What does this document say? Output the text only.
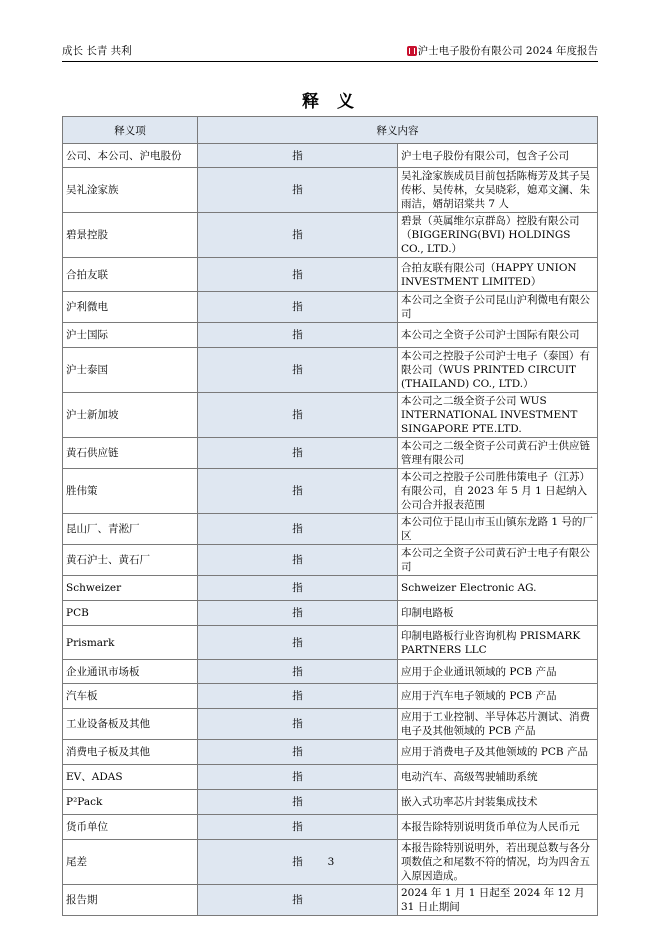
成长 长青 共利	沪士电子股份有限公司 2024 年度报告
释 义
释义项	释义内容	
公司、本公司、沪电股份	指	沪士电子股份有限公司，包含子公司
吴礼淦家族	指	吴礼淦家族成员目前包括陈梅芳及其子吴传彬、吴传林，女吴晓彩，媳邓文澜、朱雨洁，婿胡诏棠共 7 人
碧景控股	指	碧景（英属维尔京群岛）控股有限公司（BIGGERING(BVI) HOLDINGS CO., LTD.）
合拍友联	指	合拍友联有限公司（HAPPY UNION INVESTMENT LIMITED）
沪利微电	指	本公司之全资子公司昆山沪利微电有限公司
沪士国际	指	本公司之全资子公司沪士国际有限公司
沪士泰国	指	本公司之控股子公司沪士电子（泰国）有限公司（WUS PRINTED CIRCUIT (THAILAND) CO., LTD.）
沪士新加坡	指	本公司之二级全资子公司 WUS INTERNATIONAL INVESTMENT SINGAPORE PTE.LTD.
黄石供应链	指	本公司之二级全资子公司黄石沪士供应链管理有限公司
胜伟策	指	本公司之控股子公司胜伟策电子（江苏）有限公司，自 2023 年 5 月 1 日起纳入公司合并报表范围
昆山厂、青淞厂	指	本公司位于昆山市玉山镇东龙路 1 号的厂区
黄石沪士、黄石厂	指	本公司之全资子公司黄石沪士电子有限公司
Schweizer	指	Schweizer Electronic AG.
PCB	指	印制电路板
Prismark	指	印制电路板行业咨询机构 PRISMARK PARTNERS LLC
企业通讯市场板	指	应用于企业通讯领域的 PCB 产品
汽车板	指	应用于汽车电子领域的 PCB 产品
工业设备板及其他	指	应用于工业控制、半导体芯片测试、消费电子及其他领域的 PCB 产品
消费电子板及其他	指	应用于消费电子及其他领域的 PCB 产品
EV、ADAS	指	电动汽车、高级驾驶辅助系统
P²Pack	指	嵌入式功率芯片封装集成技术
货币单位	指	本报告除特别说明货币单位为人民币元
尾差	指	本报告除特别说明外，若出现总数与各分项数值之和尾数不符的情况，均为四舍五入原因造成。
报告期	指	2024 年 1 月 1 日起至 2024 年 12 月 31 日止期间
3
